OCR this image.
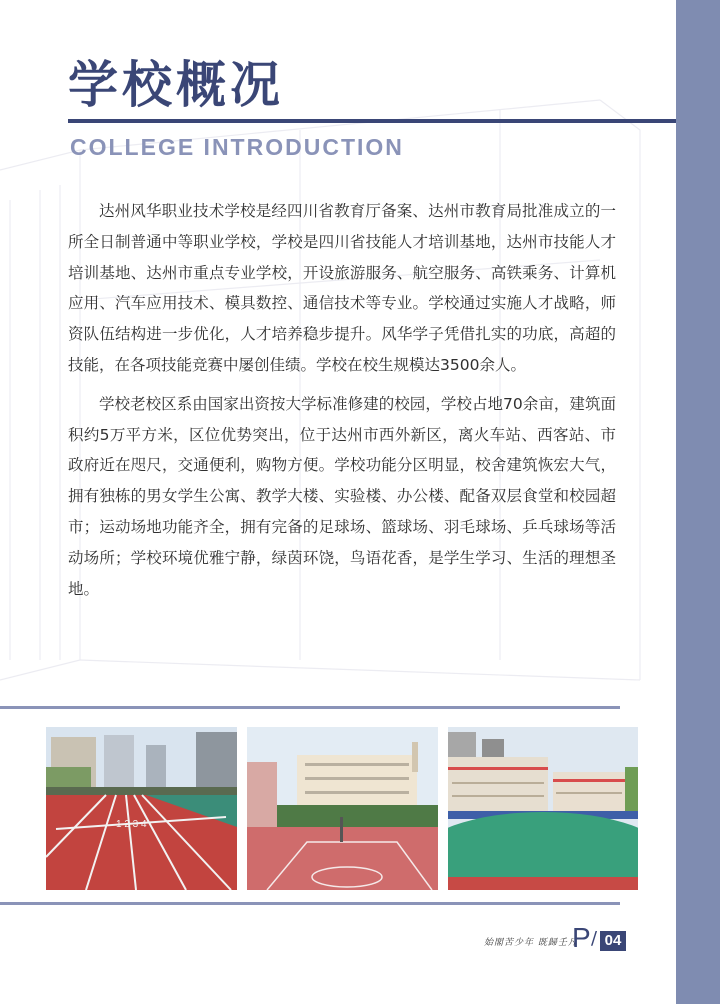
学校概况
COLLEGE INTRODUCTION

达州风华职业技术学校是经四川省教育厅备案、达州市教育局批准成立的一所全日制普通中等职业学校，学校是四川省技能人才培训基地，达州市技能人才培训基地、达州市重点专业学校，开设旅游服务、航空服务、高铁乘务、计算机应用、汽车应用技术、模具数控、通信技术等专业。学校通过实施人才战略，师资队伍结构进一步优化，人才培养稳步提升。风华学子凭借扎实的功底，高超的技能，在各项技能竞赛中屡创佳绩。学校在校生规模达3500余人。

学校老校区系由国家出资按大学标准修建的校园，学校占地70余亩，建筑面积约5万平方米，区位优势突出，位于达州市西外新区，离火车站、西客站、市政府近在咫尺，交通便利，购物方便。学校功能分区明显，校舍建筑恢宏大气，拥有独栋的男女学生公寓、教学大楼、实验楼、办公楼、配备双层食堂和校园超市；运动场地功能齐全，拥有完备的足球场、篮球场、羽毛球场、乒乓球场等活动场所；学校环境优雅宁静，绿茵环饶，鸟语花香，是学生学习、生活的理想圣地。

1 2 3 4
始閣苦少年 既歸壬凡
P / 04
